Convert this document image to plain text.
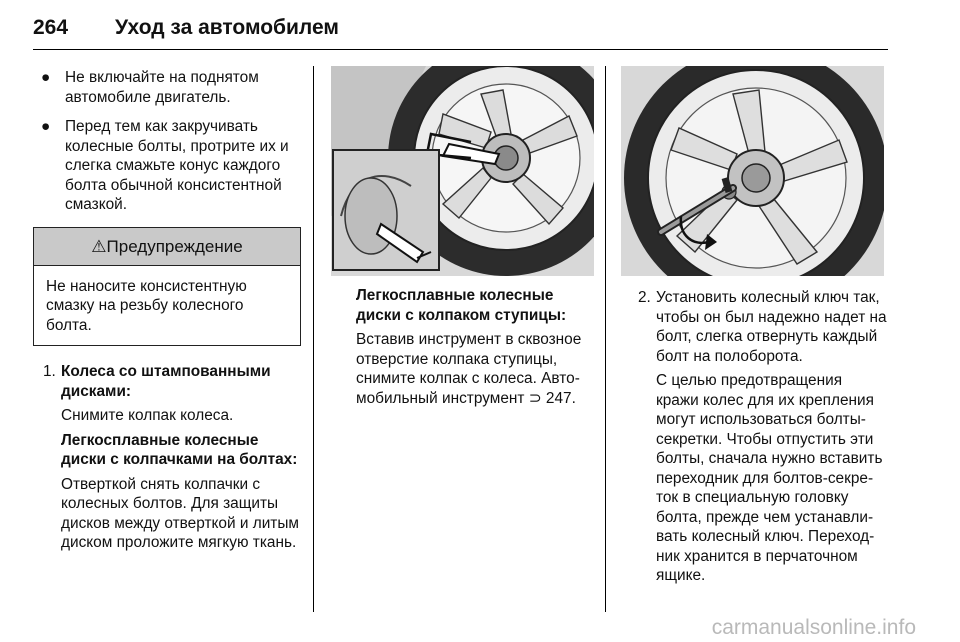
264 Уход за автомобилем
● Не включайте на поднятом автомобиле двигатель.
● Перед тем как закручивать колесные болты, протрите их и слегка смажьте конус каждого болта обычной консистентной смазкой.
⚠Предупреждение
Не наносите консистентную смазку на резьбу колесного болта.
1. Колеса со штампованными дисками:
Снимите колпак колеса.
Легкосплавные колесные диски с колпачками на болтах:
Отверткой снять колпачки с колесных болтов. Для защиты дисков между отверткой и литым диском проложите мягкую ткань.
Легкосплавные колесные диски с колпаком ступицы:
Вставив инструмент в сквозное отверстие колпака ступицы, снимите колпак с колеса. Автомобильный инструмент ⊃ 247.
2. Установить колесный ключ так, чтобы он был надежно надет на болт, слегка отвернуть каждый болт на полоборота.
С целью предотвращения кражи колес для их крепления могут использоваться болты-секретки. Чтобы отпустить эти болты, сначала нужно вставить переходник для болтов-секреток в специальную головку болта, прежде чем устанавливать колесный ключ. Переходник хранится в перчаточном ящике.
carmanualsonline.info
